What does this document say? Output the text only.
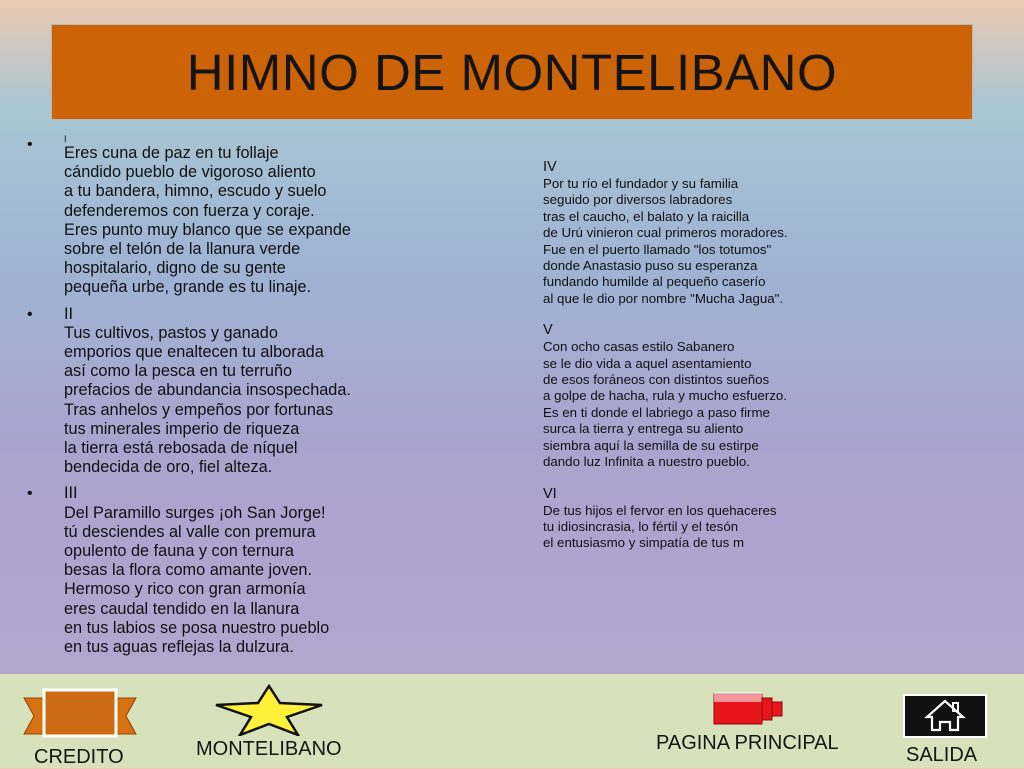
HIMNO DE MONTELIBANO
•	I
Eres cuna de paz en tu follaje
cándido pueblo de vigoroso aliento
a tu bandera, himno, escudo y suelo
defenderemos con fuerza y coraje.
Eres punto muy blanco que se expande
sobre el telón de la llanura verde
hospitalario, digno de su gente
pequeña urbe, grande es tu linaje.
• II
Tus cultivos, pastos y ganado
emporios que enaltecen tu alborada
así como la pesca en tu terruño
prefacios de abundancia insospechada.
Tras anhelos y empeños por fortunas
tus minerales imperio de riqueza
la tierra está rebosada de níquel
bendecida de oro, fiel alteza.
• III
Del Paramillo surges ¡oh San Jorge!
tú desciendes al valle con premura
opulento de fauna y con ternura
besas la flora como amante joven.
Hermoso y rico con gran armonía
eres caudal tendido en la llanura
en tus labios se posa nuestro pueblo
en tus aguas reflejas la dulzura.
IV
Por tu río el fundador y su familia
seguido por diversos labradores
tras el caucho, el balato y la raicilla
de Urú vinieron cual primeros moradores.
Fue en el puerto llamado "los totumos"
donde Anastasio puso su esperanza
fundando humilde al pequeño caserío
al que le dio por nombre "Mucha Jagua".
V
Con ocho casas estilo Sabanero
se le dio vida a aquel asentamiento
de esos foráneos con distintos sueños
a golpe de hacha, rula y mucho esfuerzo.
Es en ti donde el labriego a paso firme
surca la tierra y entrega su aliento
siembra aquí la semilla de su estirpe
dando luz Infinita a nuestro pueblo.
VI
De tus hijos el fervor en los quehaceres
tu idiosincrasia, lo fértil y el tesón
el entusiasmo y simpatía de tus m
CREDITO	MONTELIBANO	PAGINA PRINCIPAL
SALIDA
